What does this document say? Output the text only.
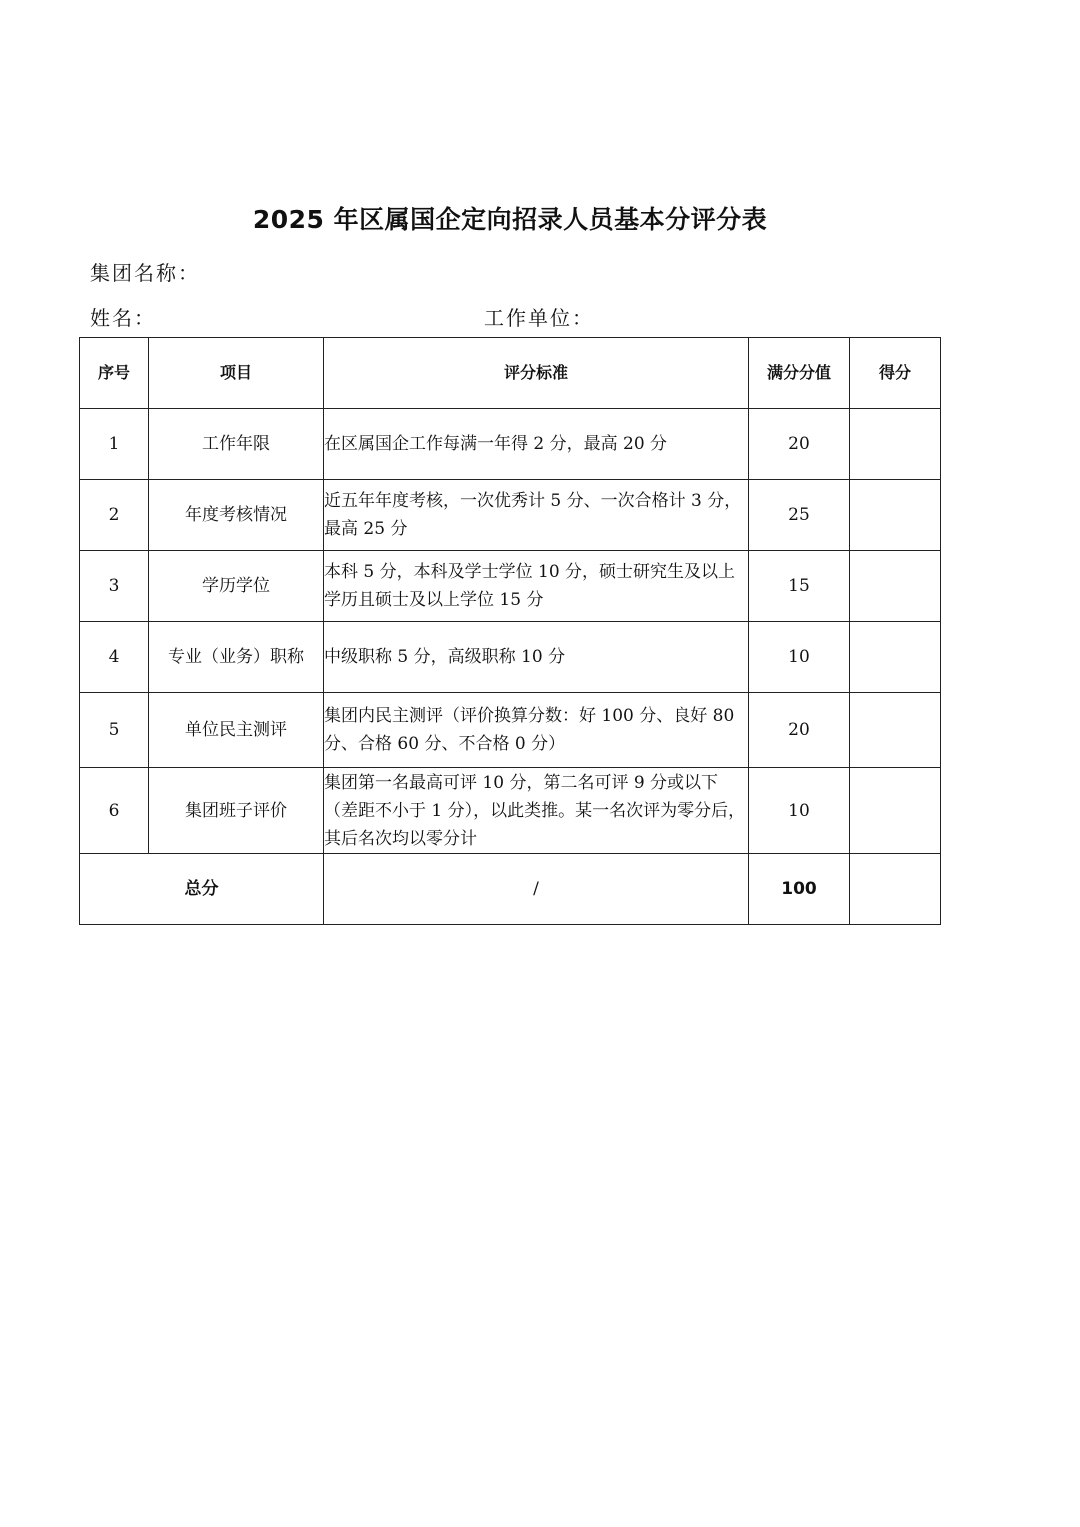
2025 年区属国企定向招录人员基本分评分表
集团名称：
姓名：	工作单位：
序号	项目	评分标准	满分分值	得分
1	工作年限	在区属国企工作每满一年得 2 分，最高 20 分	20	
2	年度考核情况	近五年年度考核，一次优秀计 5 分、一次合格计 3 分，最高 25 分	25	
3	学历学位	本科 5 分，本科及学士学位 10 分，硕士研究生及以上学历且硕士及以上学位 15 分	15	
4	专业（业务）职称	中级职称 5 分，高级职称 10 分	10	
5	单位民主测评	集团内民主测评（评价换算分数：好 100 分、良好 80 分、合格 60 分、不合格 0 分）	20	
6	集团班子评价	集团第一名最高可评 10 分，第二名可评 9 分或以下（差距不小于 1 分），以此类推。某一名次评为零分后，其后名次均以零分计	10	
总分		/	100	
